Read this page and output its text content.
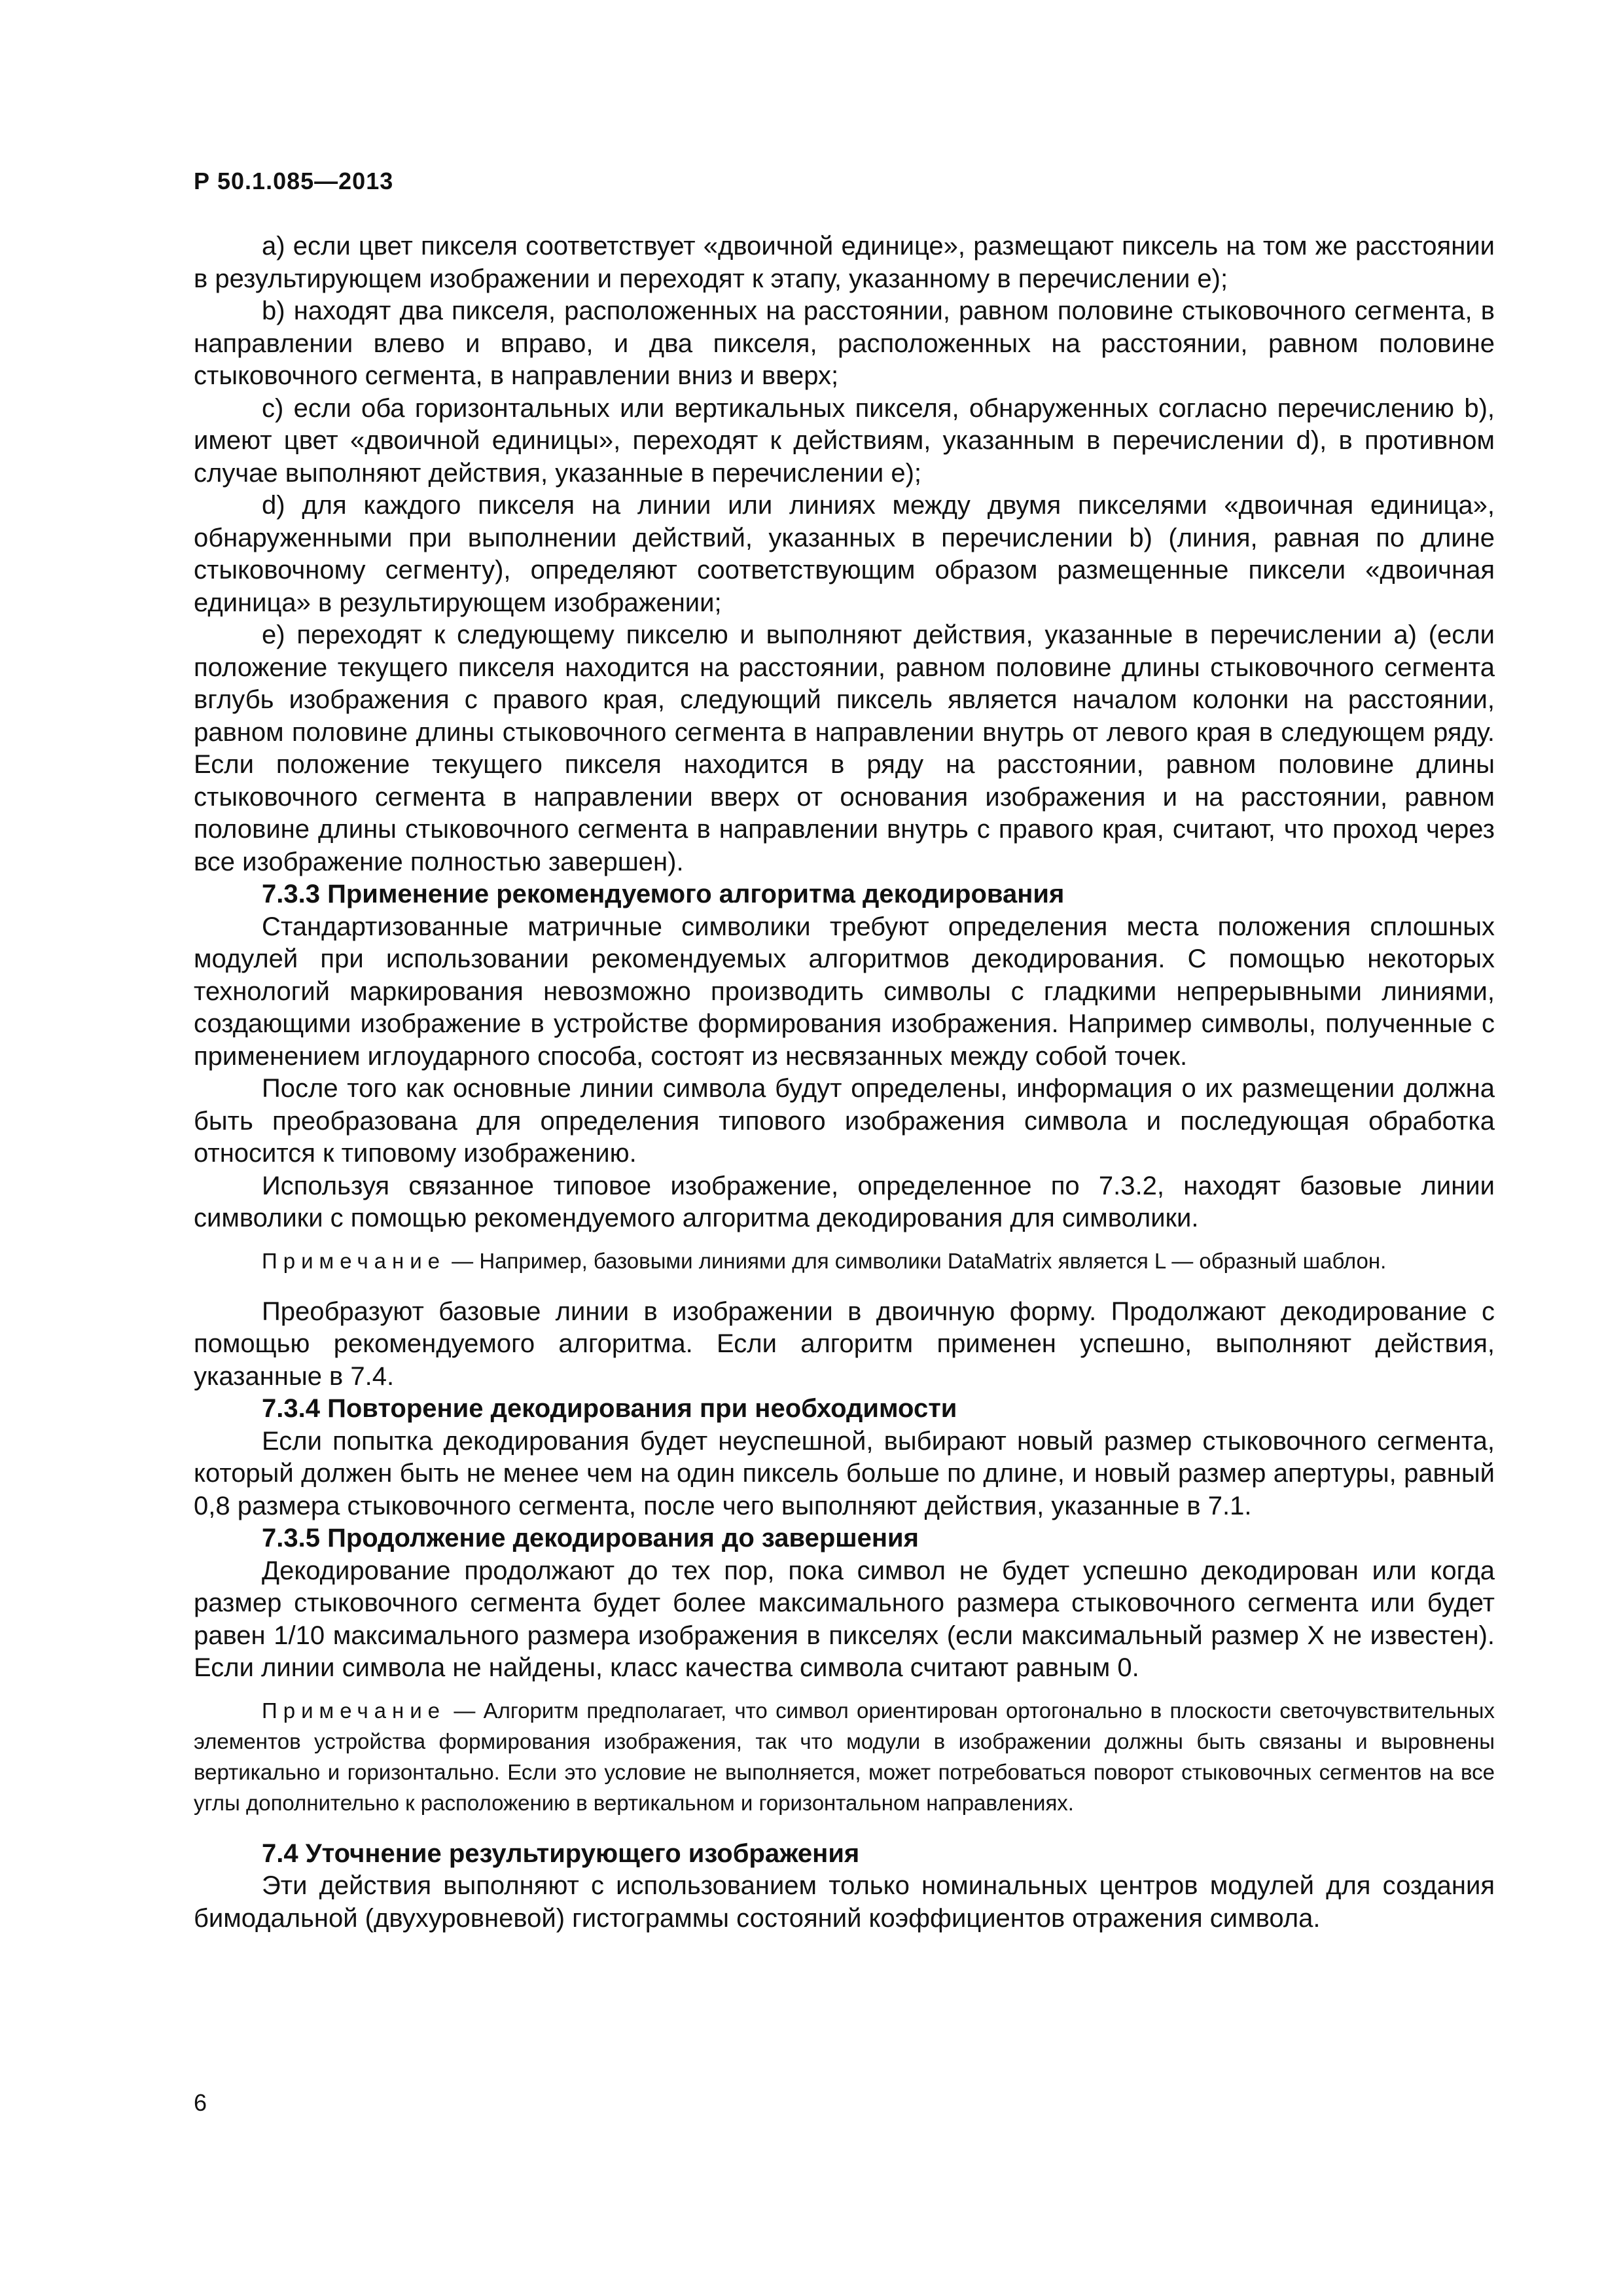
Р 50.1.085—2013

a) если цвет пикселя соответствует «двоичной единице», размещают пиксель на том же расстоянии в результирующем изображении и переходят к этапу, указанному в перечислении е);

b) находят два пикселя, расположенных на расстоянии, равном половине стыковочного сегмента, в направлении влево и вправо, и два пикселя, расположенных на расстоянии, равном половине стыковочного сегмента, в направлении вниз и вверх;

c) если оба горизонтальных или вертикальных пикселя, обнаруженных согласно перечислению b), имеют цвет «двоичной единицы», переходят к действиям, указанным в перечислении d), в противном случае выполняют действия, указанные в перечислении е);

d) для каждого пикселя на линии или линиях между двумя пикселями «двоичная единица», обнаруженными при выполнении действий, указанных в перечислении b) (линия, равная по длине стыковочному сегменту), определяют соответствующим образом размещенные пиксели «двоичная единица» в результирующем изображении;

е) переходят к следующему пикселю и выполняют действия, указанные в перечислении а) (если положение текущего пикселя находится на расстоянии, равном половине длины стыковочного сегмента вглубь изображения с правого края, следующий пиксель является началом колонки на расстоянии, равном половине длины стыковочного сегмента в направлении внутрь от левого края в следующем ряду. Если положение текущего пикселя находится в ряду на расстоянии, равном половине длины стыковочного сегмента в направлении вверх от основания изображения и на расстоянии, равном половине длины стыковочного сегмента в направлении внутрь с правого края, считают, что проход через все изображение полностью завершен).

7.3.3 Применение рекомендуемого алгоритма декодирования

Стандартизованные матричные символики требуют определения места положения сплошных модулей при использовании рекомендуемых алгоритмов декодирования. С помощью некоторых технологий маркирования невозможно производить символы с гладкими непрерывными линиями, создающими изображение в устройстве формирования изображения. Например символы, полученные с применением иглоударного способа, состоят из несвязанных между собой точек.

После того как основные линии символа будут определены, информация о их размещении должна быть преобразована для определения типового изображения символа и последующая обработка относится к типовому изображению.

Используя связанное типовое изображение, определенное по 7.3.2, находят базовые линии символики с помощью рекомендуемого алгоритма декодирования для символики.

Примечание — Например, базовыми линиями для символики DataMatrix является L — образный шаблон.

Преобразуют базовые линии в изображении в двоичную форму. Продолжают декодирование с помощью рекомендуемого алгоритма. Если алгоритм применен успешно, выполняют действия, указанные в 7.4.

7.3.4 Повторение декодирования при необходимости

Если попытка декодирования будет неуспешной, выбирают новый размер стыковочного сегмента, который должен быть не менее чем на один пиксель больше по длине, и новый размер апертуры, равный 0,8 размера стыковочного сегмента, после чего выполняют действия, указанные в 7.1.

7.3.5 Продолжение декодирования до завершения

Декодирование продолжают до тех пор, пока символ не будет успешно декодирован или когда размер стыковочного сегмента будет более максимального размера стыковочного сегмента или будет равен 1/10 максимального размера изображения в пикселях (если максимальный размер X не известен). Если линии символа не найдены, класс качества символа считают равным 0.

Примечание — Алгоритм предполагает, что символ ориентирован ортогонально в плоскости светочувствительных элементов устройства формирования изображения, так что модули в изображении должны быть связаны и выровнены вертикально и горизонтально. Если это условие не выполняется, может потребоваться поворот стыковочных сегментов на все углы дополнительно к расположению в вертикальном и горизонтальном направлениях.

7.4 Уточнение результирующего изображения

Эти действия выполняют с использованием только номинальных центров модулей для создания бимодальной (двухуровневой) гистограммы состояний коэффициентов отражения символа.

6
